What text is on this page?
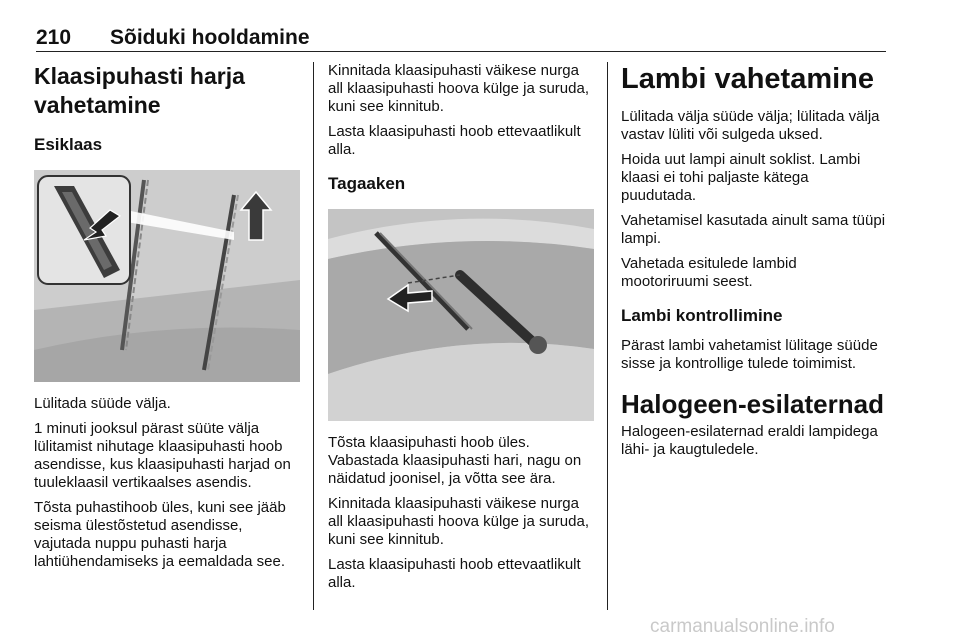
210 Sõiduki hooldamine
Klaasipuhasti harja vahetamine
Esiklaas
Lülitada süüde välja.
1 minuti jooksul pärast süüte välja lülitamist nihutage klaasipuhasti hoob asendisse, kus klaasipuhasti harjad on tuuleklaasil vertikaalses asendis.
Tõsta puhastihoob üles, kuni see jääb seisma ülestõstetud asendisse, vajutada nuppu puhasti harja lahtiühendamiseks ja eemaldada see.
Kinnitada klaasipuhasti väikese nurga all klaasipuhasti hoova külge ja suruda, kuni see kinnitub.
Lasta klaasipuhasti hoob ettevaatlikult alla.
Tagaaken
Tõsta klaasipuhasti hoob üles. Vabastada klaasipuhasti hari, nagu on näidatud joonisel, ja võtta see ära.
Kinnitada klaasipuhasti väikese nurga all klaasipuhasti hoova külge ja suruda, kuni see kinnitub.
Lasta klaasipuhasti hoob ettevaatlikult alla.
Lambi vahetamine
Lülitada välja süüde välja; lülitada välja vastav lüliti või sulgeda uksed.
Hoida uut lampi ainult soklist. Lambi klaasi ei tohi paljaste kätega puudutada.
Vahetamisel kasutada ainult sama tüüpi lampi.
Vahetada esitulede lambid mootoriruumi seest.
Lambi kontrollimine
Pärast lambi vahetamist lülitage süüde sisse ja kontrollige tulede toimimist.
Halogeen-esilaternad
Halogeen-esilaternad eraldi lampidega lähi- ja kaugtuledele.
carmanualsonline.info
